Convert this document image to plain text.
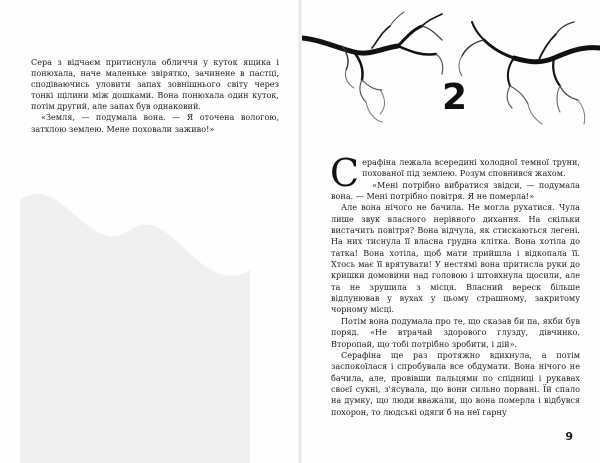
Сера з відчаєм притиснула обличчя у куток ящика і понюхала, наче маленьке звірятко, зачинене в пастці, сподіваючись уловити запах зовнішнього світу через тонкі щілини між дошками. Вона понюхала один куток, потім другий, але запах був однаковий.

«Земля, — подумала вона. — Я оточена вологою, затхлою землею. Мене поховали заживо!»

2

Серафіна лежала всередині холодної темної труни, похованої під землею. Розум сповнився жахом.

«Мені потрібно вибратися звідси, — подумала вона. — Мені потрібно повітря. Я не померла!»

Але вона нічого не бачила. Не могла рухатися. Чула лише звук власного нерівного дихання. На скільки вистачить повітря? Вона відчула, як стискаються легені. На них тиснула її власна грудна клітка. Вона хотіла до татка! Вона хотіла, щоб мати прийшла і відкопала її. Хтось має її врятувати! У нестямі вона притисла руки до кришки домовини над головою і штовхнула щосили, але та не зрушила з місця. Власний вереск більше відлунював у вухах у цьому страшному, закритому чорному місці.

Потім вона подумала про те, що сказав би па, якби був поряд. «Не втрачай здорового глузду, дівчинко. Втоpопай, що тобі потрібно зробити, і дій».

Серафіна ще раз протяжно вдихнула, а потім заспокоїлася і спробувала все обдумати. Вона нічого не бачила, але, провівши пальцями по спідниці і рукавах своєї сукні, з'ясувала, що вони сильно порвані. Їй спало на думку, що люди вважали, що вона померла і відбувся похорон, то людські одяги б на неї гарну

9
